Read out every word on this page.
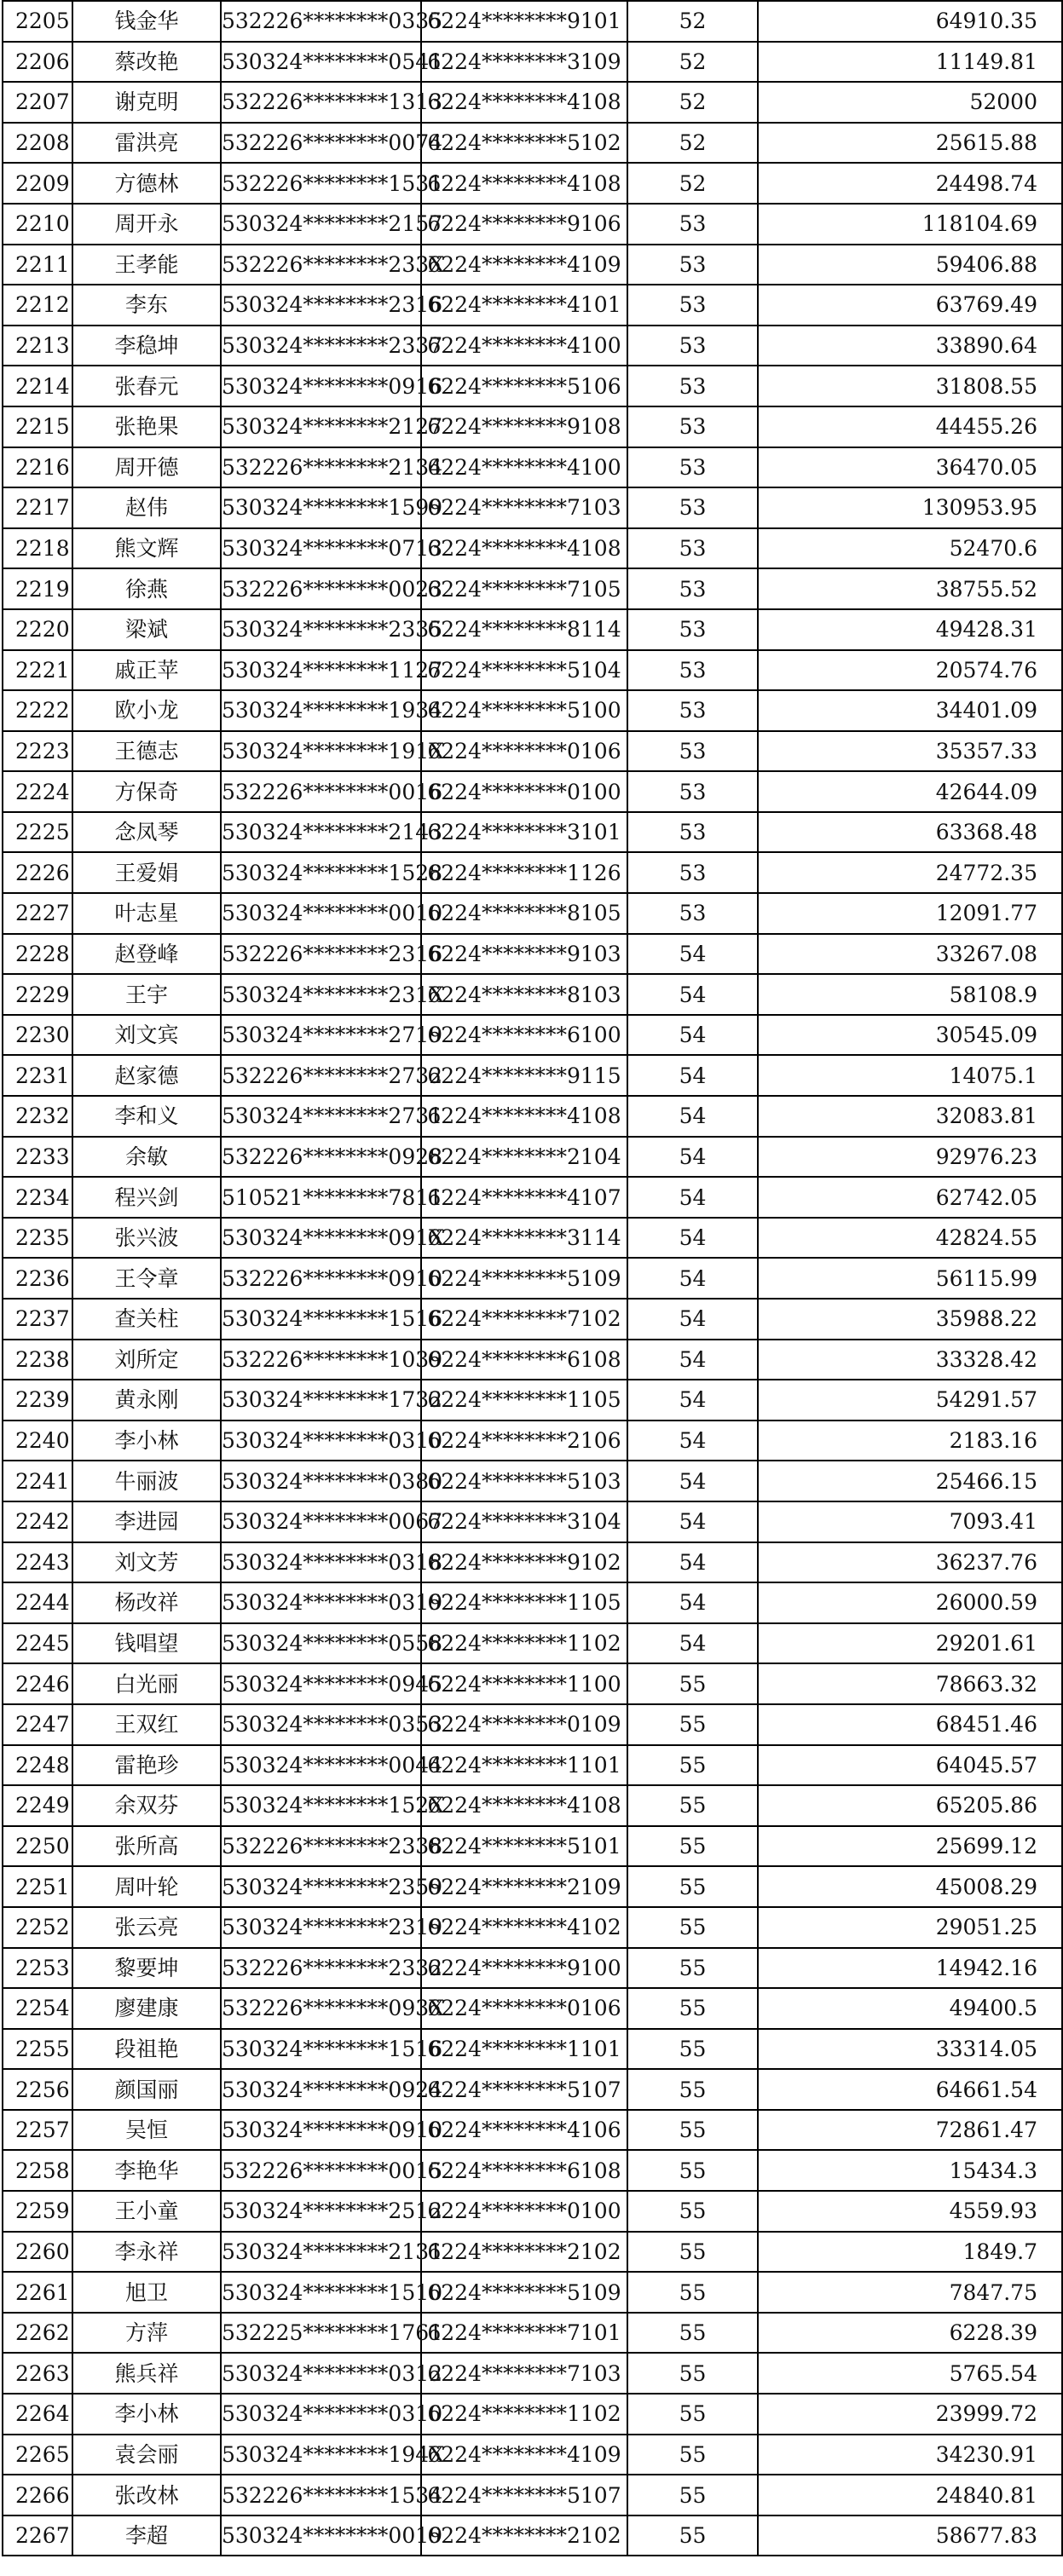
2205	钱金华	532226********0335	6224********9101	52	64910.35
2206	蔡改艳	530324********0541	6224********3109	52	11149.81
2207	谢克明	532226********1313	6224********4108	52	52000
2208	雷洪亮	532226********0074	6224********5102	52	25615.88
2209	方德林	532226********1531	6224********4108	52	24498.74
2210	周开永	530324********2157	6224********9106	53	118104.69
2211	王孝能	532226********233X	6224********4109	53	59406.88
2212	李东	530324********2316	6224********4101	53	63769.49
2213	李稳坤	530324********2337	6224********4100	53	33890.64
2214	张春元	530324********0916	6224********5106	53	31808.55
2215	张艳果	530324********2127	6224********9108	53	44455.26
2216	周开德	532226********2134	6224********4100	53	36470.05
2217	赵伟	530324********1599	6224********7103	53	130953.95
2218	熊文辉	530324********0713	6224********4108	53	52470.6
2219	徐燕	532226********0023	6224********7105	53	38755.52
2220	梁斌	530324********2335	6224********8114	53	49428.31
2221	戚正苹	530324********1127	6224********5104	53	20574.76
2222	欧小龙	530324********1934	6224********5100	53	34401.09
2223	王德志	530324********191X	6224********0106	53	35357.33
2224	方保奇	532226********0016	6224********0100	53	42644.09
2225	念凤琴	530324********2143	6224********3101	53	63368.48
2226	王爱娟	530324********1528	6224********1126	53	24772.35
2227	叶志星	530324********0010	6224********8105	53	12091.77
2228	赵登峰	532226********2316	6224********9103	54	33267.08
2229	王宇	530324********231X	6224********8103	54	58108.9
2230	刘文宾	530324********2719	6224********6100	54	30545.09
2231	赵家德	532226********2732	6224********9115	54	14075.1
2232	李和义	530324********2731	6224********4108	54	32083.81
2233	余敏	532226********0928	6224********2104	54	92976.23
2234	程兴剑	510521********7811	6224********4107	54	62742.05
2235	张兴波	530324********091X	6224********3114	54	42824.55
2236	王令章	532226********0910	6224********5109	54	56115.99
2237	查关柱	530324********1516	6224********7102	54	35988.22
2238	刘所定	532226********1039	6224********6108	54	33328.42
2239	黄永刚	530324********1732	6224********1105	54	54291.57
2240	李小林	530324********0310	6224********2106	54	2183.16
2241	牛丽波	530324********0380	6224********5103	54	25466.15
2242	李进园	530324********0067	6224********3104	54	7093.41
2243	刘文芳	530324********0318	6224********9102	54	36237.76
2244	杨改祥	530324********0319	6224********1105	54	26000.59
2245	钱唱望	530324********0558	6224********1102	54	29201.61
2246	白光丽	530324********0945	6224********1100	55	78663.32
2247	王双红	530324********0353	6224********0109	55	68451.46
2248	雷艳珍	530324********0044	6224********1101	55	64045.57
2249	余双芬	530324********152X	6224********4108	55	65205.86
2250	张所高	532226********2338	6224********5101	55	25699.12
2251	周叶轮	530324********2359	6224********2109	55	45008.29
2252	张云亮	530324********2319	6224********4102	55	29051.25
2253	黎要坤	532226********2332	6224********9100	55	14942.16
2254	廖建康	532226********093X	6224********0106	55	49400.5
2255	段祖艳	530324********1516	6224********1101	55	33314.05
2256	颜国丽	530324********0924	6224********5107	55	64661.54
2257	吴恒	530324********0910	6224********4106	55	72861.47
2258	李艳华	532226********0015	6224********6108	55	15434.3
2259	王小童	530324********2512	6224********0100	55	4559.93
2260	李永祥	530324********2131	6224********2102	55	1849.7
2261	旭卫	530324********1510	6224********5109	55	7847.75
2262	方萍	532225********1761	6224********7101	55	6228.39
2263	熊兵祥	530324********0312	6224********7103	55	5765.54
2264	李小林	530324********0310	6224********1102	55	23999.72
2265	袁会丽	530324********194X	6224********4109	55	34230.91
2266	张改林	532226********1534	6224********5107	55	24840.81
2267	李超	530324********0019	6224********2102	55	58677.83
